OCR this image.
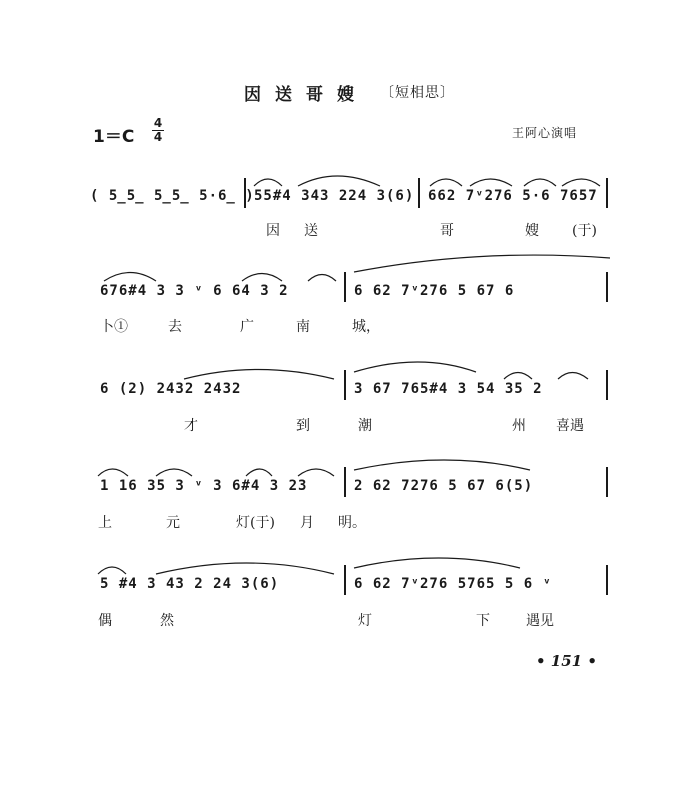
因送哥嫂 〔短相思〕
$1=C \frac{4}{4}$	王阿心演唱
( 5̲5̲ 5̲5̲ 5·6̲ ) 55#4 343 224 3(6) 662 7ᵛ276 5·6 7657
因 送	哥	嫂 (于)
676#4 3 3 ᵛ 6 64 3 2	6 62 7ᵛ276 5 67 6
卜①	去	广	南	城，
6 (2) 2432 2432	3 67 765#4 3 54 35 2
才	到	潮	州 喜遇
1 16 35 3 ᵛ 3 6#4 3 23	2 62 7276 5 67 6(5)
上	元	灯(于) 月 明。
5 #4 3 43 2 24 3(6)	6 62 7ᵛ276 5765 5 6 ᵛ
偶	然	灯	下	遇见
• 151 •
